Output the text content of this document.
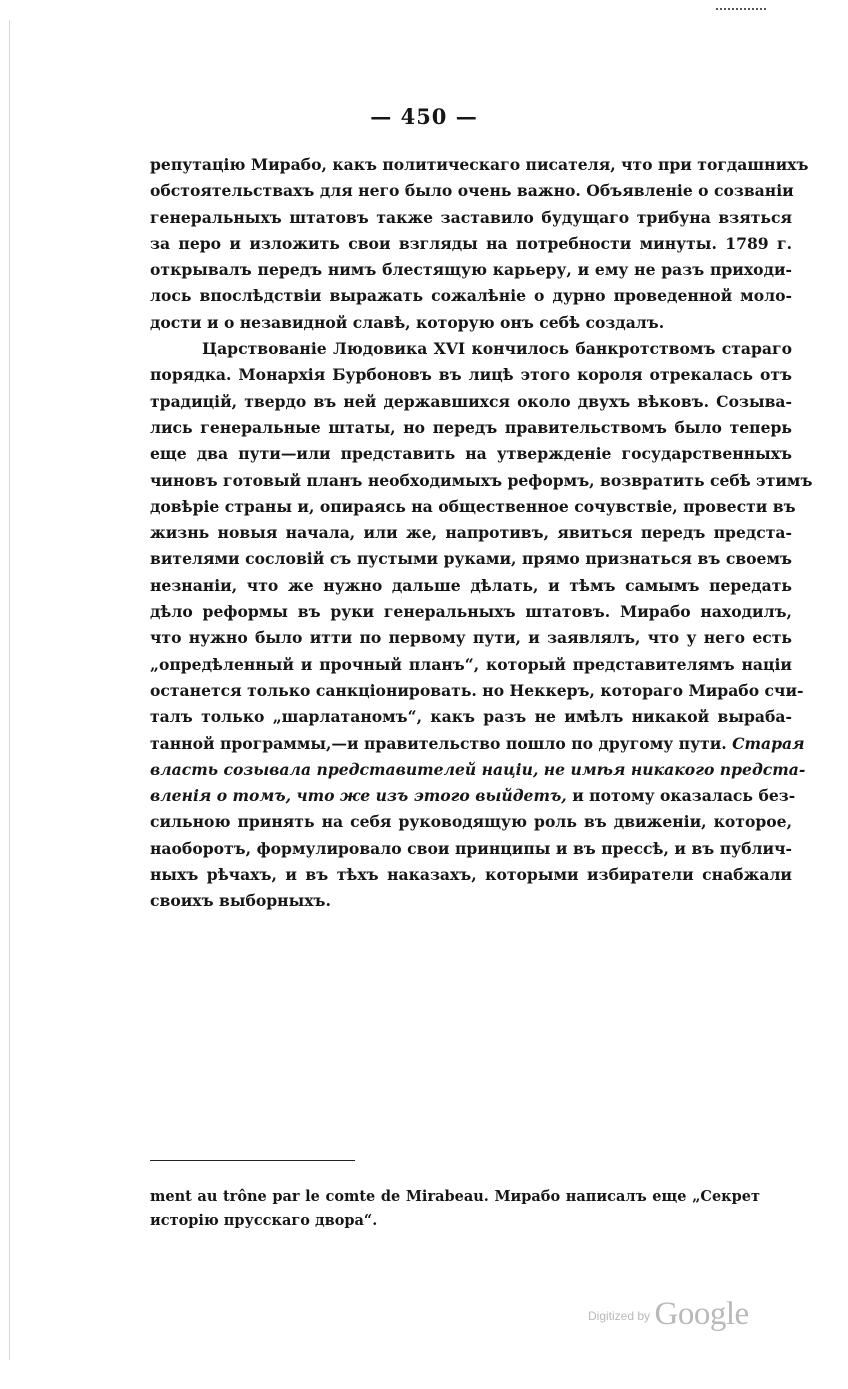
— 450 —

репутацію Мирабо, какъ политическаго писателя, что при тогдашнихъ
обстоятельствахъ для него было очень важно. Объявленіе о созваніи
генеральныхъ штатовъ также заставило будущаго трибуна взяться
за перо и изложить свои взгляды на потребности минуты. 1789 г.
открывалъ передъ нимъ блестящую карьеру, и ему не разъ приходи-
лось впослѣдствіи выражать сожалѣніе о дурно проведенной моло-
дости и о незавидной славѣ, которую онъ себѣ создалъ.

Царствованіе Людовика XVI кончилось банкротствомъ стараго
порядка. Монархія Бурбоновъ въ лицѣ этого короля отрекалась отъ
традицій, твердо въ ней державшихся около двухъ вѣковъ. Созыва-
лись генеральные штаты, но передъ правительствомъ было теперь
еще два пути—или представить на утвержденіе государственныхъ
чиновъ готовый планъ необходимыхъ реформъ, возвратить себѣ этимъ
довѣріе страны и, опираясь на общественное сочувствіе, провести въ
жизнь новыя начала, или же, напротивъ, явиться передъ предста-
вителями сословій съ пустыми руками, прямо признаться въ своемъ
незнаніи, что же нужно дальше дѣлать, и тѣмъ самымъ передать
дѣло реформы въ руки генеральныхъ штатовъ. Мирабо находилъ,
что нужно было итти по первому пути, и заявлялъ, что у него есть
„опредѣленный и прочный планъ“, который представителямъ націи
останется только санкціонировать. но Неккеръ, котораго Мирабо счи-
талъ только „шарлатаномъ“, какъ разъ не имѣлъ никакой выраба-
танной программы,—и правительство пошло по другому пути. Старая
власть созывала представителей націи, не имѣя никакого предста-
вленія о томъ, что же изъ этого выйдетъ, и потому оказалась без-
сильною принять на себя руководящую роль въ движеніи, которое,
наоборотъ, формулировало свои принципы и въ прессѣ, и въ публич-
ныхъ рѣчахъ, и въ тѣхъ наказахъ, которыми избиратели снабжали
своихъ выборныхъ.

ment au trône par le comte de Mirabeau. Мирабо написалъ еще „Секрет
исторію прусскаго двора“.
$^{Digitized by}$ Google
